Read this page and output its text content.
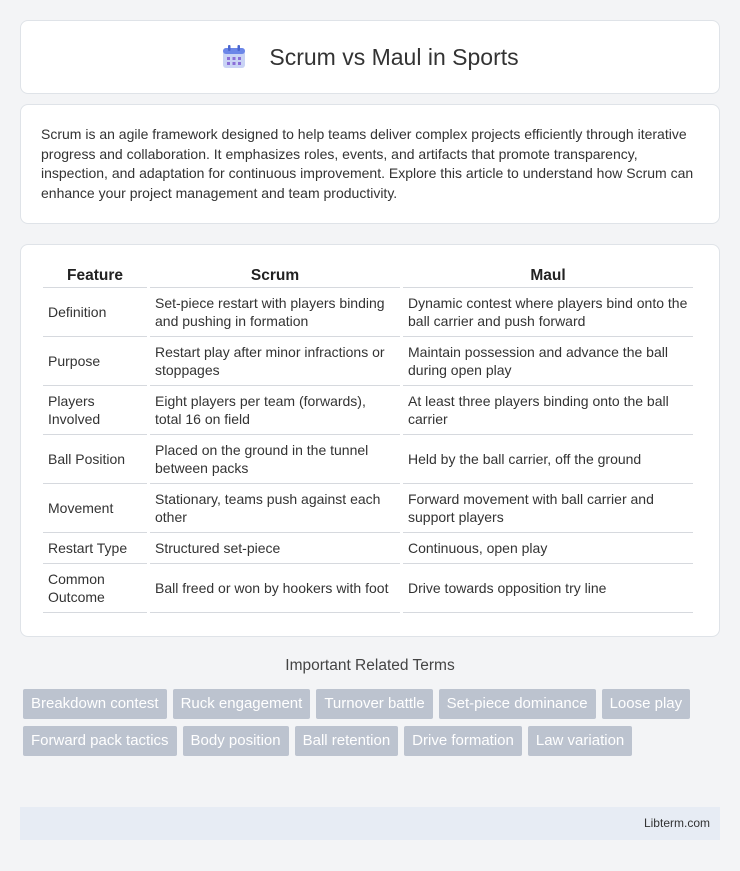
Scrum vs Maul in Sports

Scrum is an agile framework designed to help teams deliver complex projects efficiently through iterative progress and collaboration. It emphasizes roles, events, and artifacts that promote transparency, inspection, and adaptation for continuous improvement. Explore this article to understand how Scrum can enhance your project management and team productivity.

Feature	Scrum	Maul
Definition	Set-piece restart with players binding and pushing in formation	Dynamic contest where players bind onto the ball carrier and push forward
Purpose	Restart play after minor infractions or stoppages	Maintain possession and advance the ball during open play
Players Involved	Eight players per team (forwards), total 16 on field	At least three players binding onto the ball carrier
Ball Position	Placed on the ground in the tunnel between packs	Held by the ball carrier, off the ground
Movement	Stationary, teams push against each other	Forward movement with ball carrier and support players
Restart Type	Structured set-piece	Continuous, open play
Common Outcome	Ball freed or won by hookers with foot	Drive towards opposition try line
Important Related Terms
Breakdown contest	Ruck engagement	Turnover battle	Set-piece dominance	Loose play
Forward pack tactics	Body position	Ball retention	Drive formation	Law variation
Libterm.com
